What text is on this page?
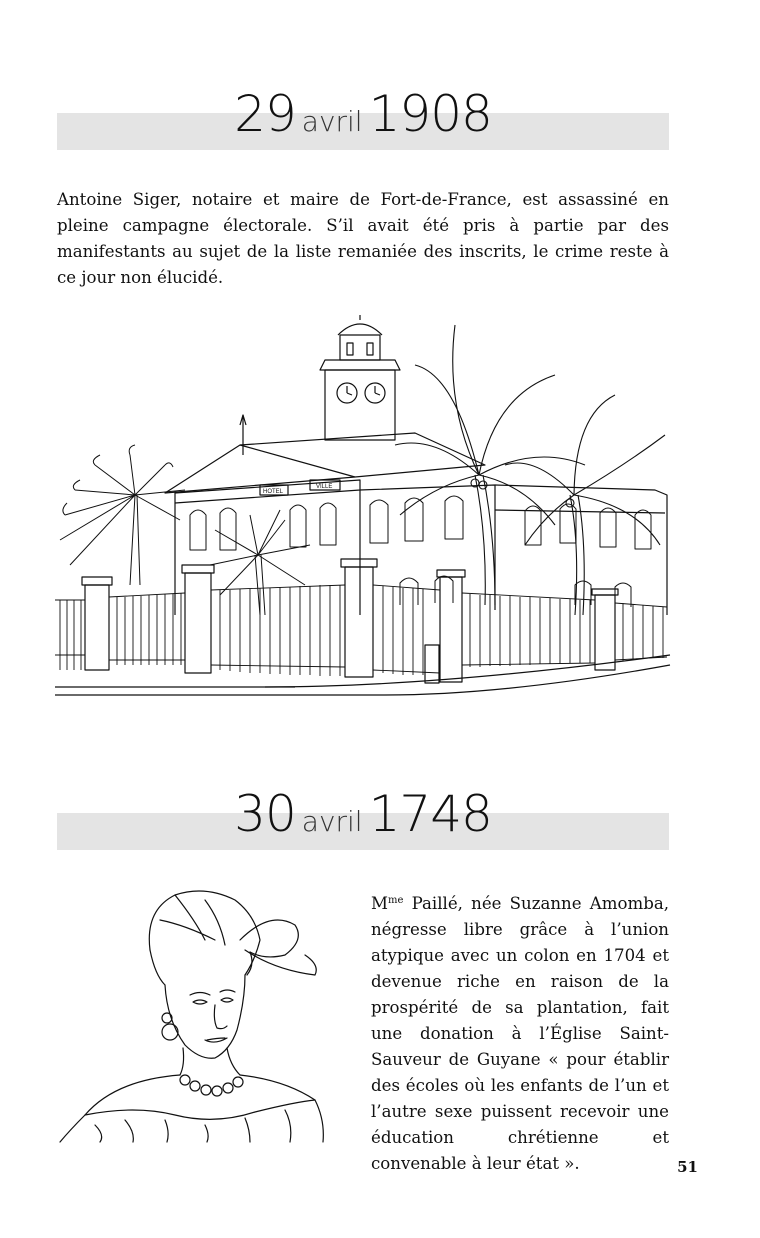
29 avril 1908

Antoine Siger, notaire et maire de Fort-de-France, est assassiné en pleine campagne électorale. S’il avait été pris à partie par des manifestants au sujet de la liste remaniée des inscrits, le crime reste à ce jour non élucidé.

HOTEL
VILLE
30 avril 1748

$M^{me}$ Paillé, née Suzanne Amomba, négresse libre grâce à l’union atypique avec un colon en 1704 et devenue riche en raison de la prospérité de sa plantation, fait une donation à l’Église Saint-Sauveur de Guyane « pour établir des écoles où les enfants de l’un et l’autre sexe puissent recevoir une éducation chrétienne et convenable à leur état ».	51
